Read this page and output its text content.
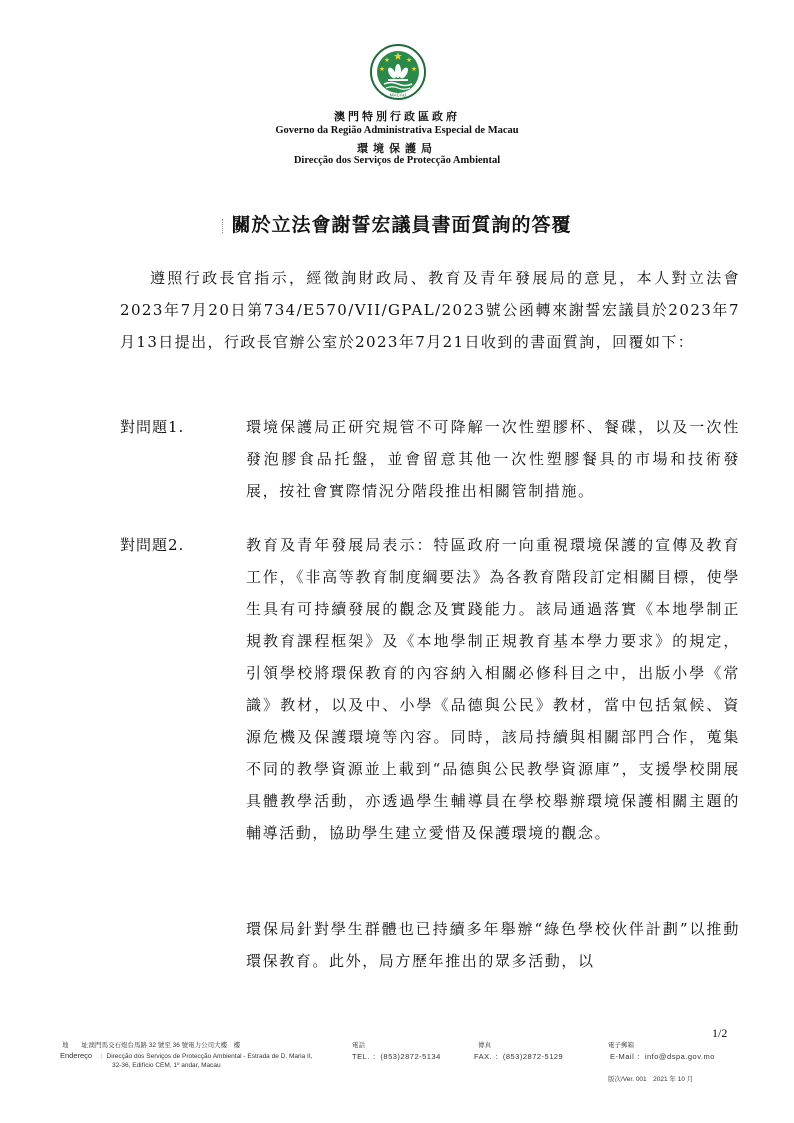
MACAU
澳門特別行政區政府
Governo da Região Administrativa Especial de Macau
環境保護局
Direcção dos Serviços de Protecção Ambiental
關於立法會謝誓宏議員書面質詢的答覆

遵照行政長官指示，經徵詢財政局、教育及青年發展局的意見，本人對立法會2023年7月20日第734/E570/VII/GPAL/2023號公函轉來謝誓宏議員於2023年7月13日提出，行政長官辦公室於2023年7月21日收到的書面質詢，回覆如下：

對問題1.	環境保護局正研究規管不可降解一次性塑膠杯、餐碟，以及一次性發泡膠食品托盤，並會留意其他一次性塑膠餐具的市場和技術發展，按社會實際情況分階段推出相關管制措施。

對問題2.	教育及青年發展局表示：特區政府一向重視環境保護的宣傳及教育工作，《非高等教育制度綱要法》為各教育階段訂定相關目標，使學生具有可持續發展的觀念及實踐能力。該局通過落實《本地學制正規教育課程框架》及《本地學制正規教育基本學力要求》的規定，引領學校將環保教育的內容納入相關必修科目之中，出版小學《常識》教材，以及中、小學《品德與公民》教材，當中包括氣候、資源危機及保護環境等內容。同時，該局持續與相關部門合作，蒐集不同的教學資源並上載到“品德與公民教學資源庫”，支援學校開展具體教學活動，亦透過學生輔導員在學校舉辦環境保護相關主題的輔導活動，協助學生建立愛惜及保護環境的觀念。

環保局針對學生群體也已持續多年舉辦“綠色學校伙伴計劃”以推動環保教育。此外，局方歷年推出的眾多活動，以

1/2
地　　址
：澳門馬交石炮台馬路 32 號至 36 號電力公司大樓　樓
Endereço ：Direcção dos Serviços de Protecção Ambiental - Estrada de D. Maria II,
32-36, Edifício CEM, 1º andar, Macau
電話
TEL. ：(853)2872-5134
傳真
FAX. ：(853)2872-5129
電子郵箱
E-Mail ：info@dspa.gov.mo
版次/Ver. 001　2021 年 10 月
